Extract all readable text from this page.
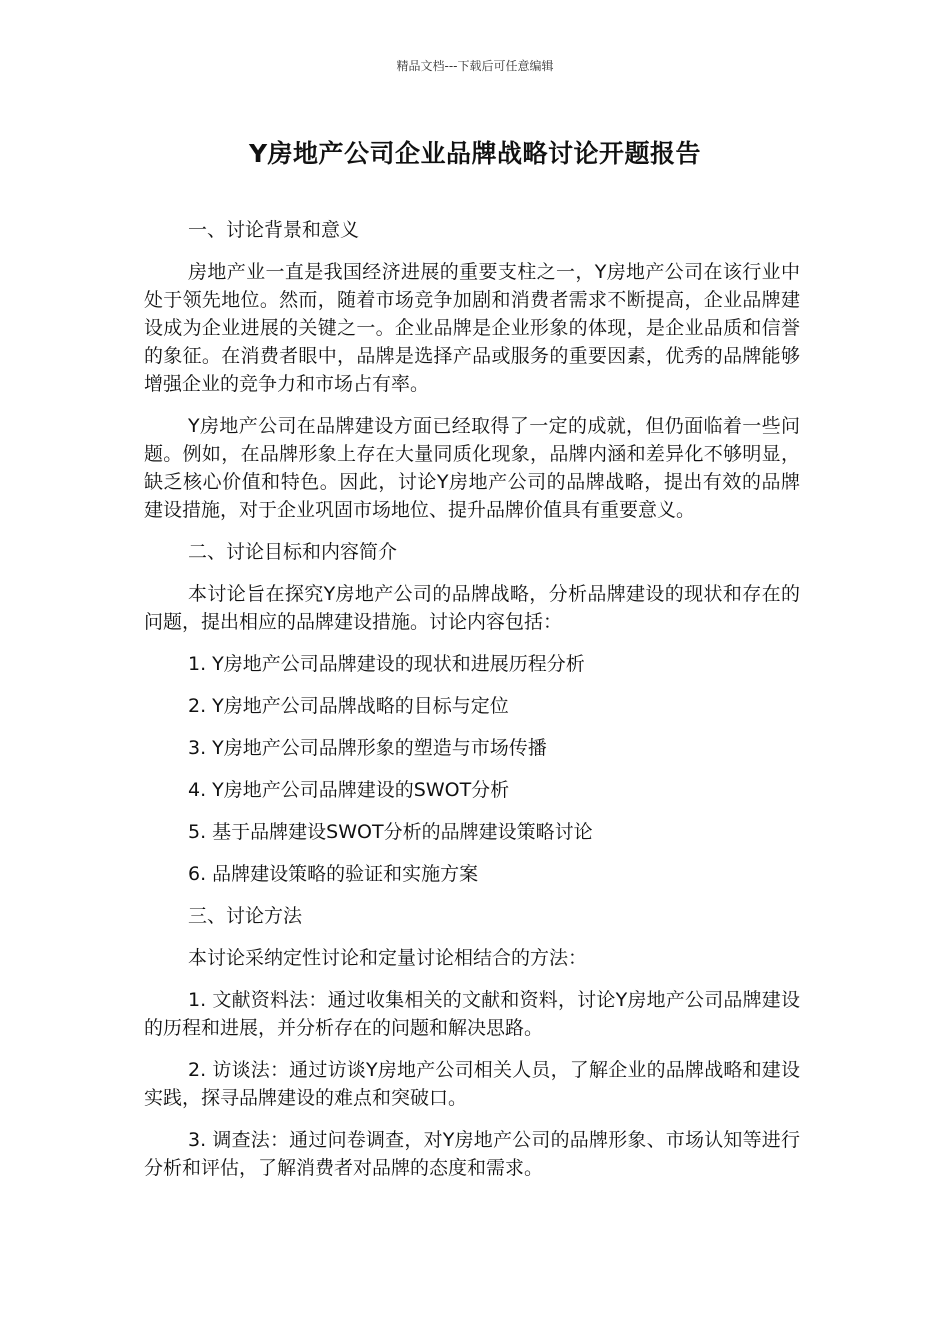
精品文档---下载后可任意编辑
Y房地产公司企业品牌战略讨论开题报告

一、讨论背景和意义

房地产业一直是我国经济进展的重要支柱之一，Y房地产公司在该行业中处于领先地位。然而，随着市场竞争加剧和消费者需求不断提高，企业品牌建设成为企业进展的关键之一。企业品牌是企业形象的体现，是企业品质和信誉的象征。在消费者眼中，品牌是选择产品或服务的重要因素，优秀的品牌能够增强企业的竞争力和市场占有率。

Y房地产公司在品牌建设方面已经取得了一定的成就，但仍面临着一些问题。例如，在品牌形象上存在大量同质化现象，品牌内涵和差异化不够明显，缺乏核心价值和特色。因此，讨论Y房地产公司的品牌战略，提出有效的品牌建设措施，对于企业巩固市场地位、提升品牌价值具有重要意义。

二、讨论目标和内容简介

本讨论旨在探究Y房地产公司的品牌战略，分析品牌建设的现状和存在的问题，提出相应的品牌建设措施。讨论内容包括：

1. Y房地产公司品牌建设的现状和进展历程分析

2. Y房地产公司品牌战略的目标与定位

3. Y房地产公司品牌形象的塑造与市场传播

4. Y房地产公司品牌建设的SWOT分析

5. 基于品牌建设SWOT分析的品牌建设策略讨论

6. 品牌建设策略的验证和实施方案

三、讨论方法

本讨论采纳定性讨论和定量讨论相结合的方法：

1. 文献资料法：通过收集相关的文献和资料，讨论Y房地产公司品牌建设的历程和进展，并分析存在的问题和解决思路。

2. 访谈法：通过访谈Y房地产公司相关人员，了解企业的品牌战略和建设实践，探寻品牌建设的难点和突破口。

3. 调查法：通过问卷调查，对Y房地产公司的品牌形象、市场认知等进行分析和评估，了解消费者对品牌的态度和需求。
